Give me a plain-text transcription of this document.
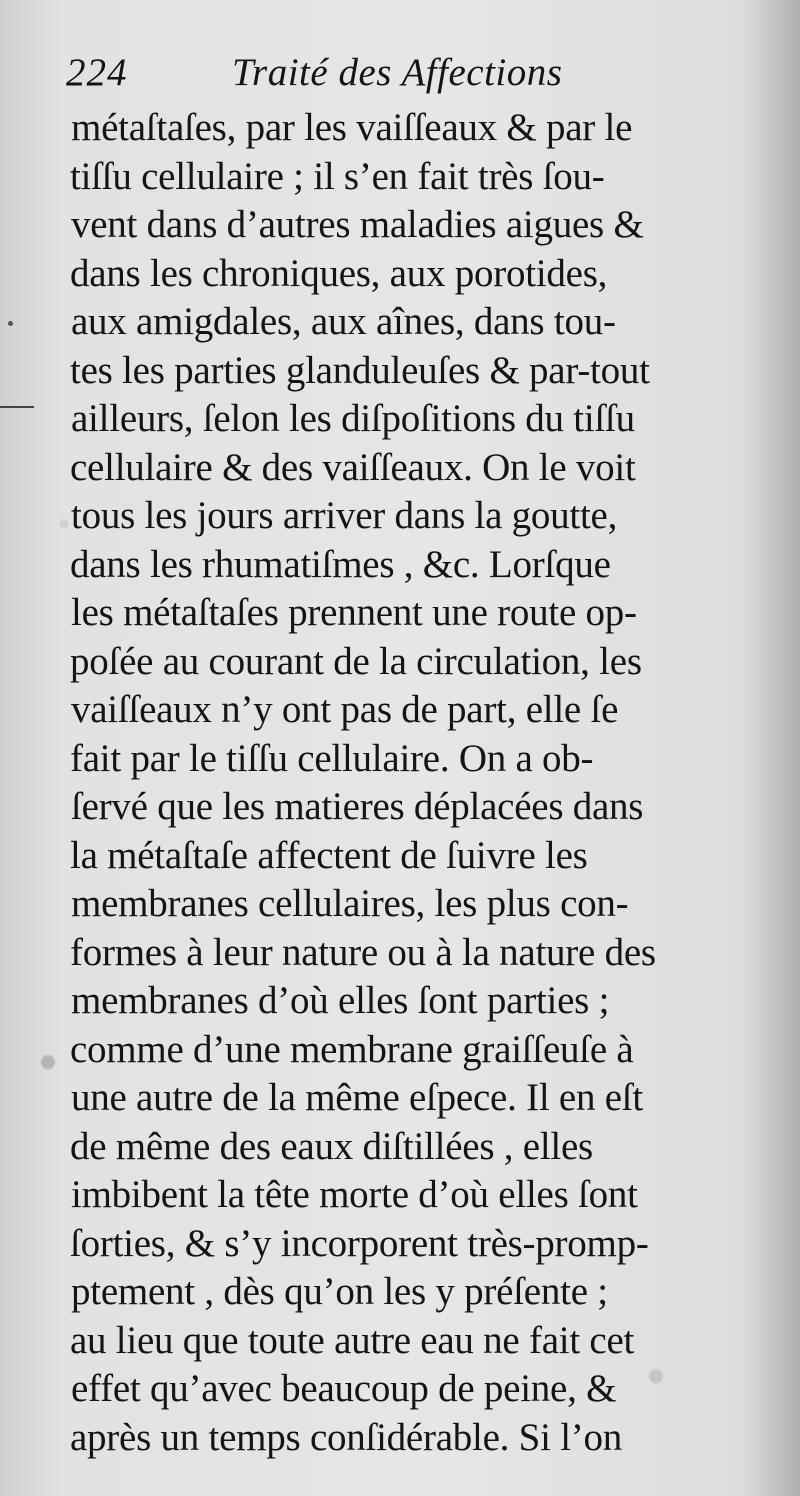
224	Traité des Affections
métaſtaſes, par les vaiſſeaux & par le
tiſſu cellulaire ; il s’en fait très ſou-
vent dans d’autres maladies aigues &
dans les chroniques, aux porotides,
aux amigdales, aux aînes, dans tou-
tes les parties glanduleuſes & par-tout
ailleurs, ſelon les diſpoſitions du tiſſu
cellulaire & des vaiſſeaux. On le voit
tous les jours arriver dans la goutte,
dans les rhumatiſmes , &c. Lorſque
les métaſtaſes prennent une route op-
poſée au courant de la circulation, les
vaiſſeaux n’y ont pas de part, elle ſe
fait par le tiſſu cellulaire. On a ob-
ſervé que les matieres déplacées dans
la métaſtaſe affectent de ſuivre les
membranes cellulaires, les plus con-
formes à leur nature ou à la nature des
membranes d’où elles ſont parties ;
comme d’une membrane graiſſeuſe à
une autre de la même eſpece. Il en eſt
de même des eaux diſtillées , elles
imbibent la tête morte d’où elles ſont
ſorties, & s’y incorporent très-promp-
ptement , dès qu’on les y préſente ;
au lieu que toute autre eau ne fait cet
effet qu’avec beaucoup de peine, &
après un temps conſidérable. Si l’on
